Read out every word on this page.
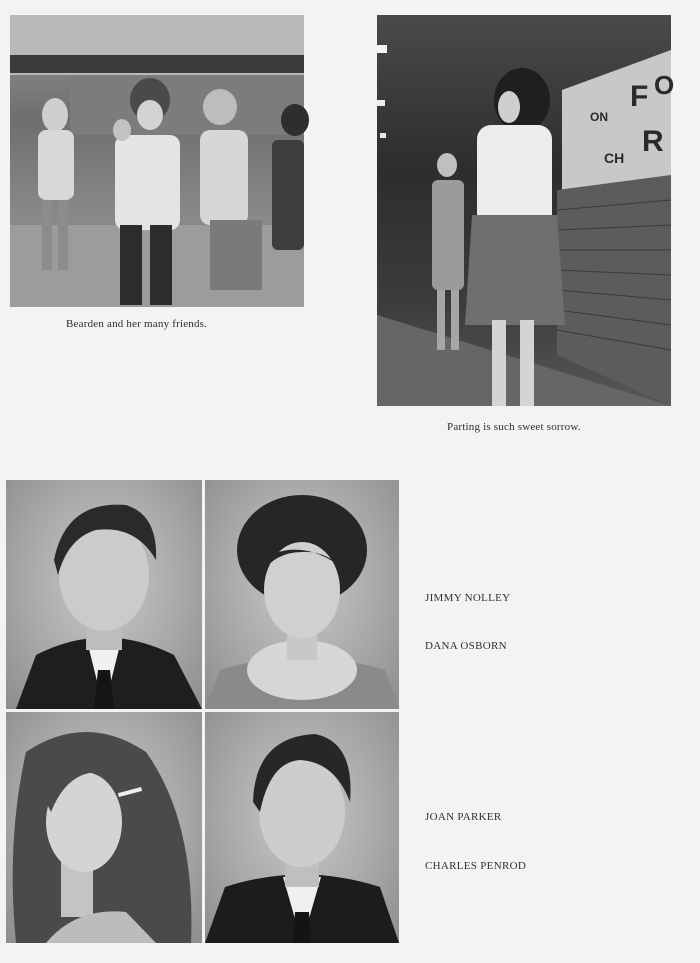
Bearden and her many friends.
F
R
O
CH
ON
Parting is such sweet sorrow.
JIMMY NOLLEY
DANA OSBORN
JOAN PARKER
CHARLES PENROD
